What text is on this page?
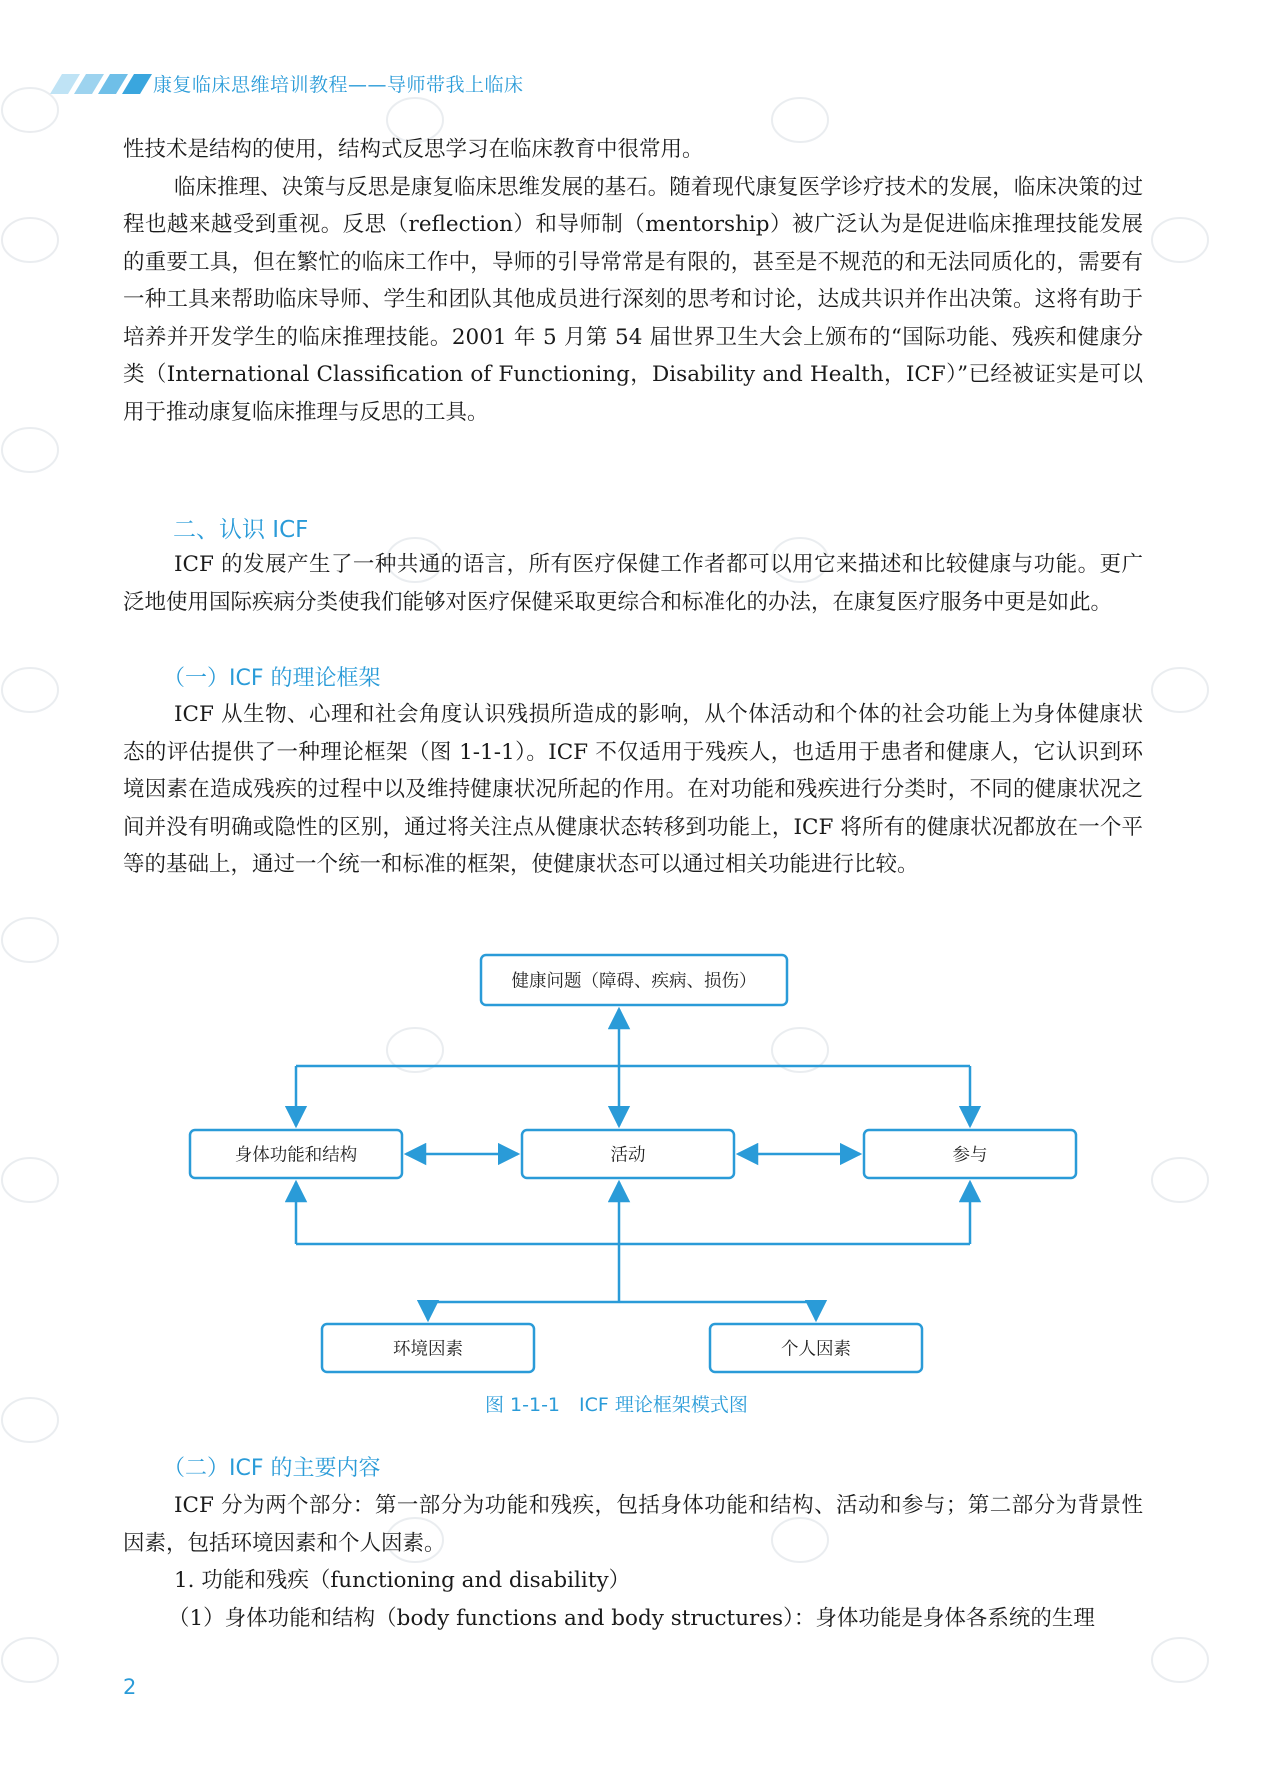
康复临床思维培训教程——导师带我上临床

性技术是结构的使用，结构式反思学习在临床教育中很常用。

临床推理、决策与反思是康复临床思维发展的基石。随着现代康复医学诊疗技术的发展，临床决策的过程也越来越受到重视。反思（reflection）和导师制（mentorship）被广泛认为是促进临床推理技能发展的重要工具，但在繁忙的临床工作中，导师的引导常常是有限的，甚至是不规范的和无法同质化的，需要有一种工具来帮助临床导师、学生和团队其他成员进行深刻的思考和讨论，达成共识并作出决策。这将有助于培养并开发学生的临床推理技能。2001 年 5 月第 54 届世界卫生大会上颁布的“国际功能、残疾和健康分类（International Classification of Functioning，Disability and Health，ICF）”已经被证实是可以用于推动康复临床推理与反思的工具。

二、认识 ICF

ICF 的发展产生了一种共通的语言，所有医疗保健工作者都可以用它来描述和比较健康与功能。更广泛地使用国际疾病分类使我们能够对医疗保健采取更综合和标准化的办法，在康复医疗服务中更是如此。

（一）ICF 的理论框架

ICF 从生物、心理和社会角度认识残损所造成的影响，从个体活动和个体的社会功能上为身体健康状态的评估提供了一种理论框架（图 1-1-1）。ICF 不仅适用于残疾人，也适用于患者和健康人，它认识到环境因素在造成残疾的过程中以及维持健康状况所起的作用。在对功能和残疾进行分类时，不同的健康状况之间并没有明确或隐性的区别，通过将关注点从健康状态转移到功能上，ICF 将所有的健康状况都放在一个平等的基础上，通过一个统一和标准的框架，使健康状态可以通过相关功能进行比较。

健康问题（障碍、疾病、损伤）
身体功能和结构	活动	参与
环境因素	个人因素
图 1-1-1　ICF 理论框架模式图
（二）ICF 的主要内容

ICF 分为两个部分：第一部分为功能和残疾，包括身体功能和结构、活动和参与；第二部分为背景性因素，包括环境因素和个人因素。

1. 功能和残疾（functioning and disability）

（1）身体功能和结构（body functions and body structures）：身体功能是身体各系统的生理

2
